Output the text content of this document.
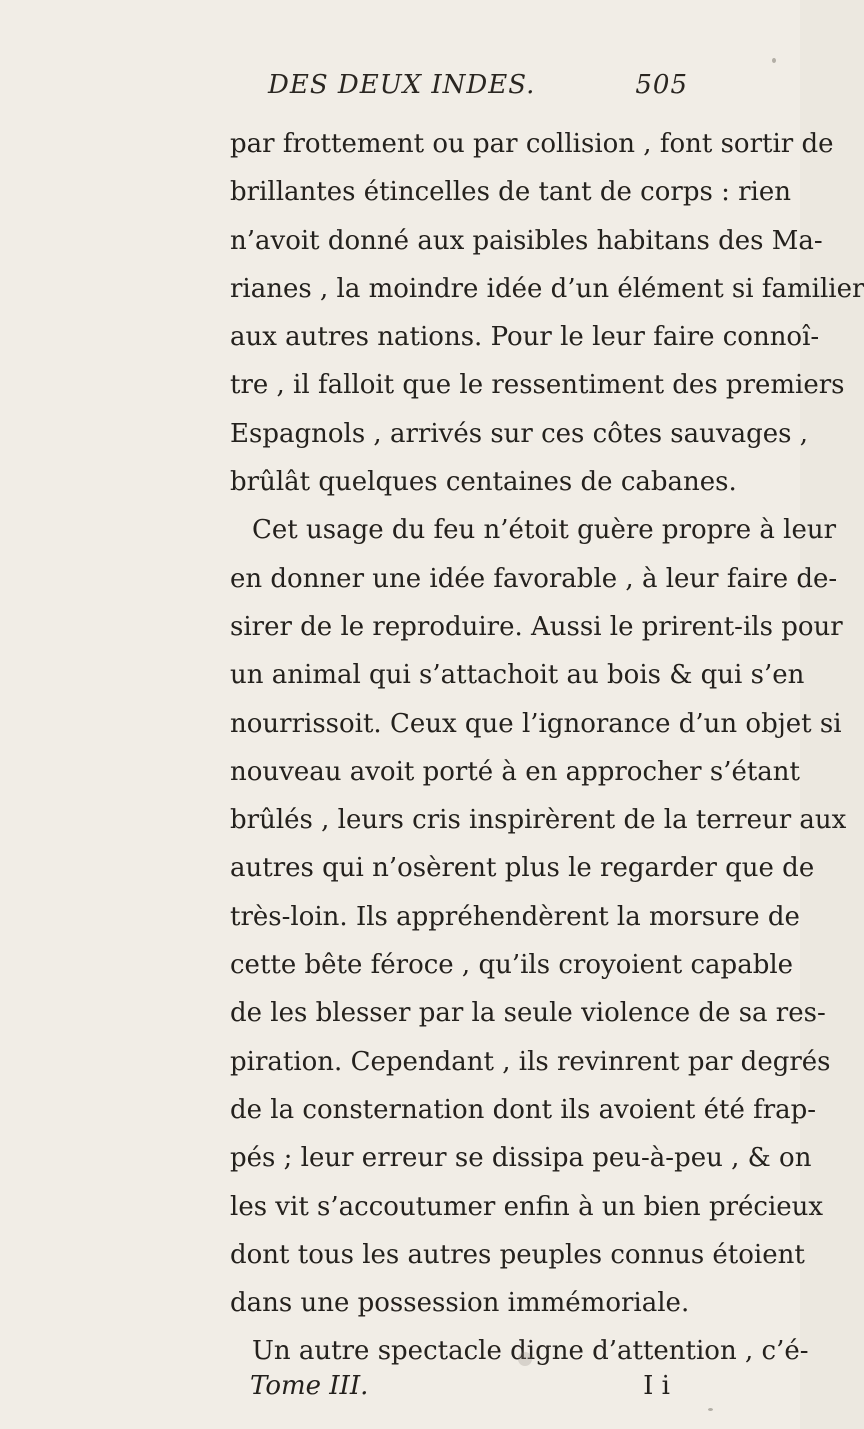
DES DEUX INDES.	505
par frottement ou par collision , font sortir de
brillantes étincelles de tant de corps : rien
n’avoit donné aux paisibles habitans des Ma-
rianes , la moindre idée d’un élément si familier
aux autres nations. Pour le leur faire connoî-
tre , il falloit que le ressentiment des premiers
Espagnols , arrivés sur ces côtes sauvages ,
brûlât quelques centaines de cabanes.
Cet usage du feu n’étoit guère propre à leur
en donner une idée favorable , à leur faire de-
sirer de le reproduire. Aussi le prirent-ils pour
un animal qui s’attachoit au bois & qui s’en
nourrissoit. Ceux que l’ignorance d’un objet si
nouveau avoit porté à en approcher s’étant
brûlés , leurs cris inspirèrent de la terreur aux
autres qui n’osèrent plus le regarder que de
très-loin. Ils appréhendèrent la morsure de
cette bête féroce , qu’ils croyoient capable
de les blesser par la seule violence de sa res-
piration. Cependant , ils revinrent par degrés
de la consternation dont ils avoient été frap-
pés ; leur erreur se dissipa peu-à-peu , & on
les vit s’accoutumer enfin à un bien précieux
dont tous les autres peuples connus étoient
dans une possession immémoriale.
Un autre spectacle digne d’attention , c’é-
Tome III.	I i
